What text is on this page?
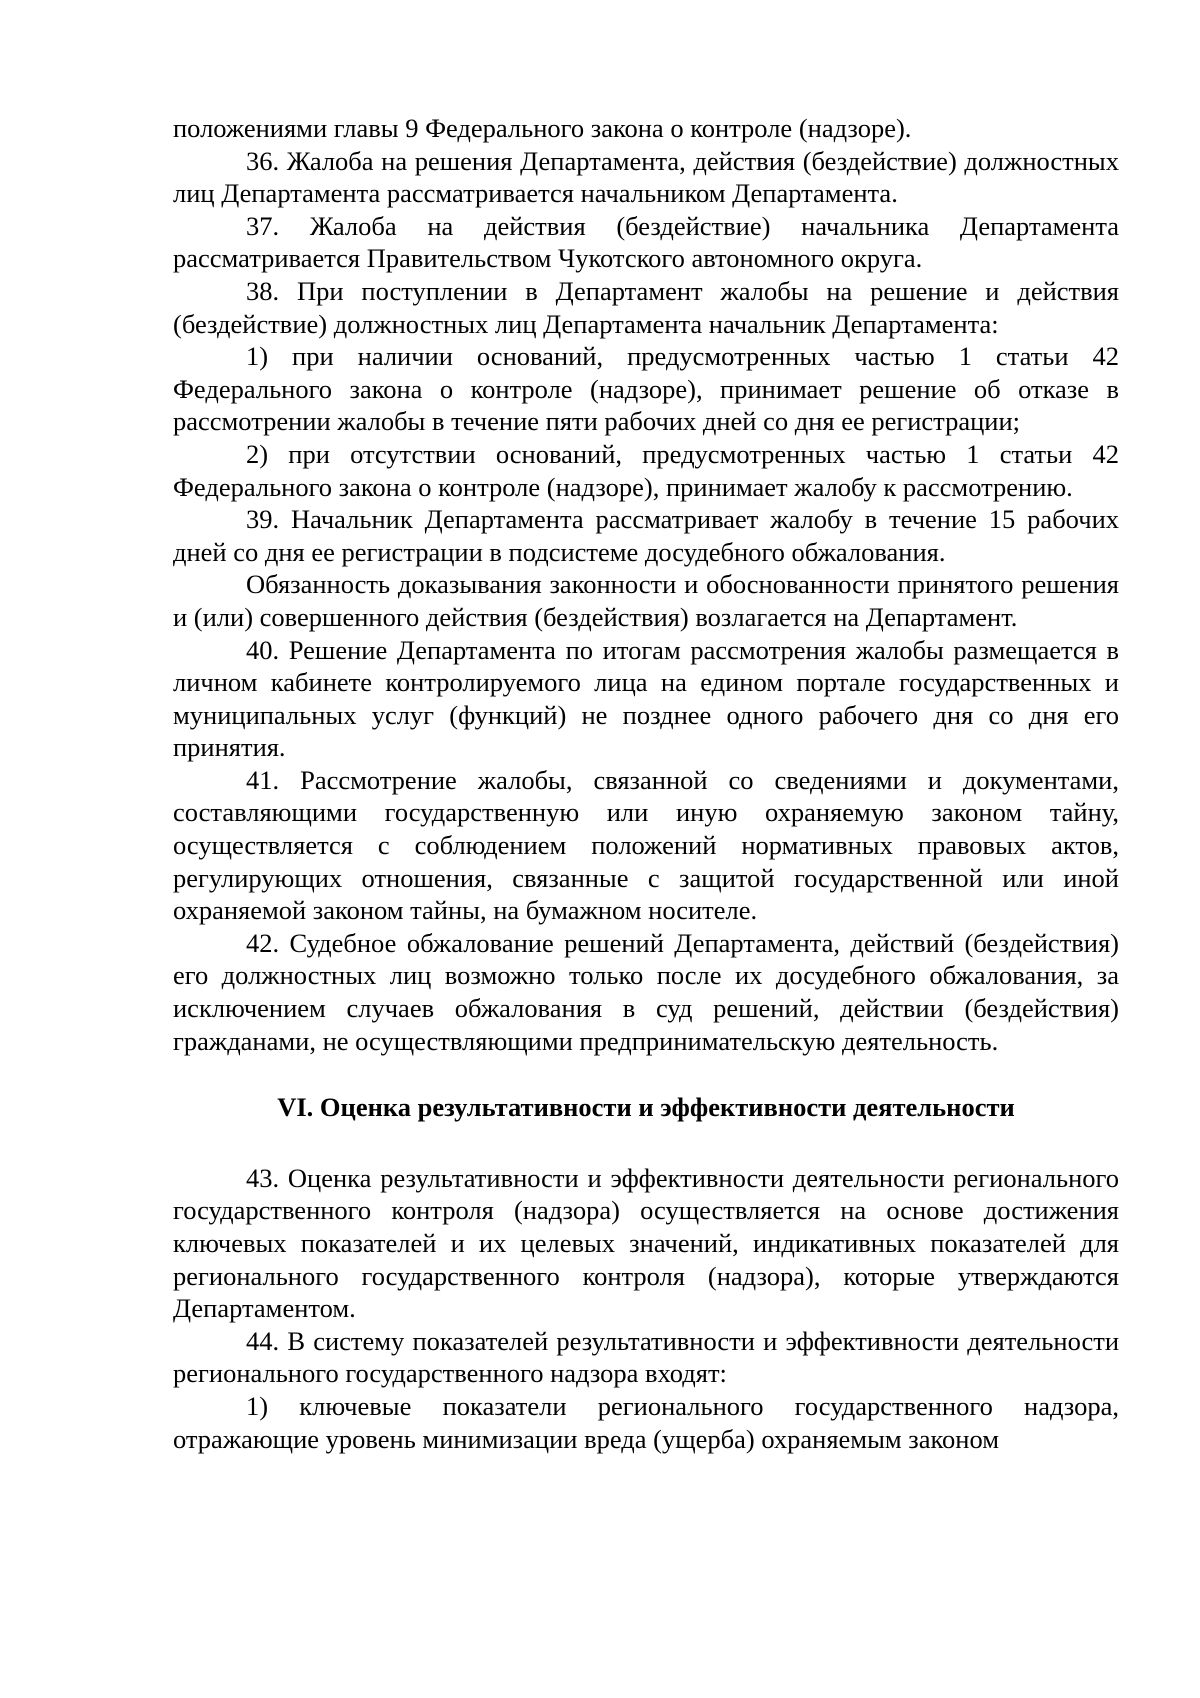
положениями главы 9 Федерального закона о контроле (надзоре).

36. Жалоба на решения Департамента, действия (бездействие) должностных лиц Департамента рассматривается начальником Департамента.

37. Жалоба на действия (бездействие) начальника Департамента рассматривается Правительством Чукотского автономного округа.

38. При поступлении в Департамент жалобы на решение и действия (бездействие) должностных лиц Департамента начальник Департамента:

1) при наличии оснований, предусмотренных частью 1 статьи 42 Федерального закона о контроле (надзоре), принимает решение об отказе в рассмотрении жалобы в течение пяти рабочих дней со дня ее регистрации;

2) при отсутствии оснований, предусмотренных частью 1 статьи 42 Федерального закона о контроле (надзоре), принимает жалобу к рассмотрению.

39. Начальник Департамента рассматривает жалобу в течение 15 рабочих дней со дня ее регистрации в подсистеме досудебного обжалования.

Обязанность доказывания законности и обоснованности принятого решения и (или) совершенного действия (бездействия) возлагается на Департамент.

40. Решение Департамента по итогам рассмотрения жалобы размещается в личном кабинете контролируемого лица на едином портале государственных и муниципальных услуг (функций) не позднее одного рабочего дня со дня его принятия.

41. Рассмотрение жалобы, связанной со сведениями и документами, составляющими государственную или иную охраняемую законом тайну, осуществляется с соблюдением положений нормативных правовых актов, регулирующих отношения, связанные с защитой государственной или иной охраняемой законом тайны, на бумажном носителе.

42. Судебное обжалование решений Департамента, действий (бездействия) его должностных лиц возможно только после их досудебного обжалования, за исключением случаев обжалования в суд решений, действии (бездействия) гражданами, не осуществляющими предпринимательскую деятельность.

VI. Оценка результативности и эффективности деятельности

43. Оценка результативности и эффективности деятельности регионального государственного контроля (надзора) осуществляется на основе достижения ключевых показателей и их целевых значений, индикативных показателей для регионального государственного контроля (надзора), которые утверждаются Департаментом.

44. В систему показателей результативности и эффективности деятельности регионального государственного надзора входят:

1) ключевые показатели регионального государственного надзора, отражающие уровень минимизации вреда (ущерба) охраняемым законом
